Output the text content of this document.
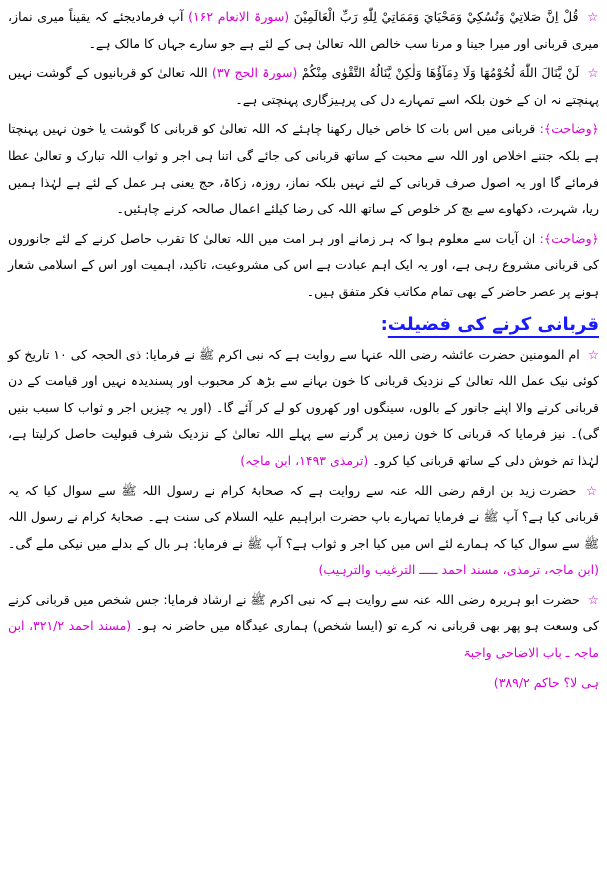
☆ قُلْ اِنَّ صَلاتِيْ وَنُسُكِيْ وَمَحْيَايَ وَمَمَاتِيْ لِلّٰهِ رَبِّ الْعَالَمِيْنَ (سورۃ الانعام ۱۶۲) آپ فرمادیجئے کہ یقیناً میری نماز، میری قربانی اور میرا جینا و مرنا سب خالص اللہ تعالیٰ ہی کے لئے ہے جو سارے جہاں کا مالک ہے۔

☆ لَنْ يَّنَالَ اللّٰهَ لُحُوْمُهَا وَلَا دِمَآؤُهَا وَلٰكِنْ يَّنَالُهُ التَّقْوٰى مِنْكُمْ (سورۃ الحج ۳۷) اللہ تعالیٰ کو قربانیوں کے گوشت نہیں پہنچتے نہ ان کے خون بلکہ اسے تمہارے دل کی پرہیزگاری پہنچتی ہے۔

﴿وضاحت﴾: قربانی میں اس بات کا خاص خیال رکھنا چاہئے کہ اللہ تعالیٰ کو قربانی کا گوشت یا خون نہیں پہنچتا ہے بلکہ جتنے اخلاص اور اللہ سے محبت کے ساتھ قربانی کی جائے گی اتنا ہی اجر و ثواب اللہ تبارک و تعالیٰ عطا فرمائے گا اور یہ اصول صرف قربانی کے لئے نہیں بلکہ نماز، روزہ، زکاۃ، حج یعنی ہر عمل کے لئے ہے لہٰذا ہمیں ریا، شہرت، دکھاوے سے بچ کر خلوص کے ساتھ اللہ کی رضا کیلئے اعمال صالحہ کرنے چاہئیں۔

﴿وضاحت﴾: ان آیات سے معلوم ہوا کہ ہر زمانے اور ہر امت میں اللہ تعالیٰ کا تقرب حاصل کرنے کے لئے جانوروں کی قربانی مشروع رہی ہے، اور یہ ایک اہم عبادت ہے اس کی مشروعیت، تاکید، اہمیت اور اس کے اسلامی شعار ہونے پر عصر حاضر کے بھی تمام مکاتب فکر متفق ہیں۔

قربانی کرنے کی فضیلت:

☆ ام المومنین حضرت عائشہ رضی اللہ عنہا سے روایت ہے کہ نبی اکرم ﷺ نے فرمایا: ذی الحجہ کی ۱۰ تاریخ کو کوئی نیک عمل اللہ تعالیٰ کے نزدیک قربانی کا خون بہانے سے بڑھ کر محبوب اور پسندیدہ نہیں اور قیامت کے دن قربانی کرنے والا اپنے جانور کے بالوں، سینگوں اور کھروں کو لے کر آئے گا۔ (اور یہ چیزیں اجر و ثواب کا سبب بنیں گی)۔ نیز فرمایا کہ قربانی کا خون زمین پر گرنے سے پہلے اللہ تعالیٰ کے نزدیک شرف قبولیت حاصل کرلیتا ہے، لہٰذا تم خوش دلی کے ساتھ قربانی کیا کرو۔ (ترمذی ۱۴۹۳، ابن ماجہ)

☆ حضرت زید بن ارقم رضی اللہ عنہ سے روایت ہے کہ صحابۂ کرام نے رسول اللہ ﷺ سے سوال کیا کہ یہ قربانی کیا ہے؟ آپ ﷺ نے فرمایا تمہارے باپ حضرت ابراہیم علیہ السلام کی سنت ہے۔ صحابۂ کرام نے رسول اللہ ﷺ سے سوال کیا کہ ہمارے لئے اس میں کیا اجر و ثواب ہے؟ آپ ﷺ نے فرمایا: ہر بال کے بدلے میں نیکی ملے گی۔ (ابن ماجہ، ترمذی، مسند احمد ـــــ الترغیب والترہیب)

☆ حضرت ابو ہریرہ رضی اللہ عنہ سے روایت ہے کہ نبی اکرم ﷺ نے ارشاد فرمایا: جس شخص میں قربانی کرنے کی وسعت ہو پھر بھی قربانی نہ کرے تو (ایسا شخص) ہماری عیدگاہ میں حاضر نہ ہو۔ (مسند احمد ۳۲۱/۲، ابن ماجہ ـ باب الاضاحی واجبۃ

ہی لا؟ حاکم ۳۸۹/۲)
